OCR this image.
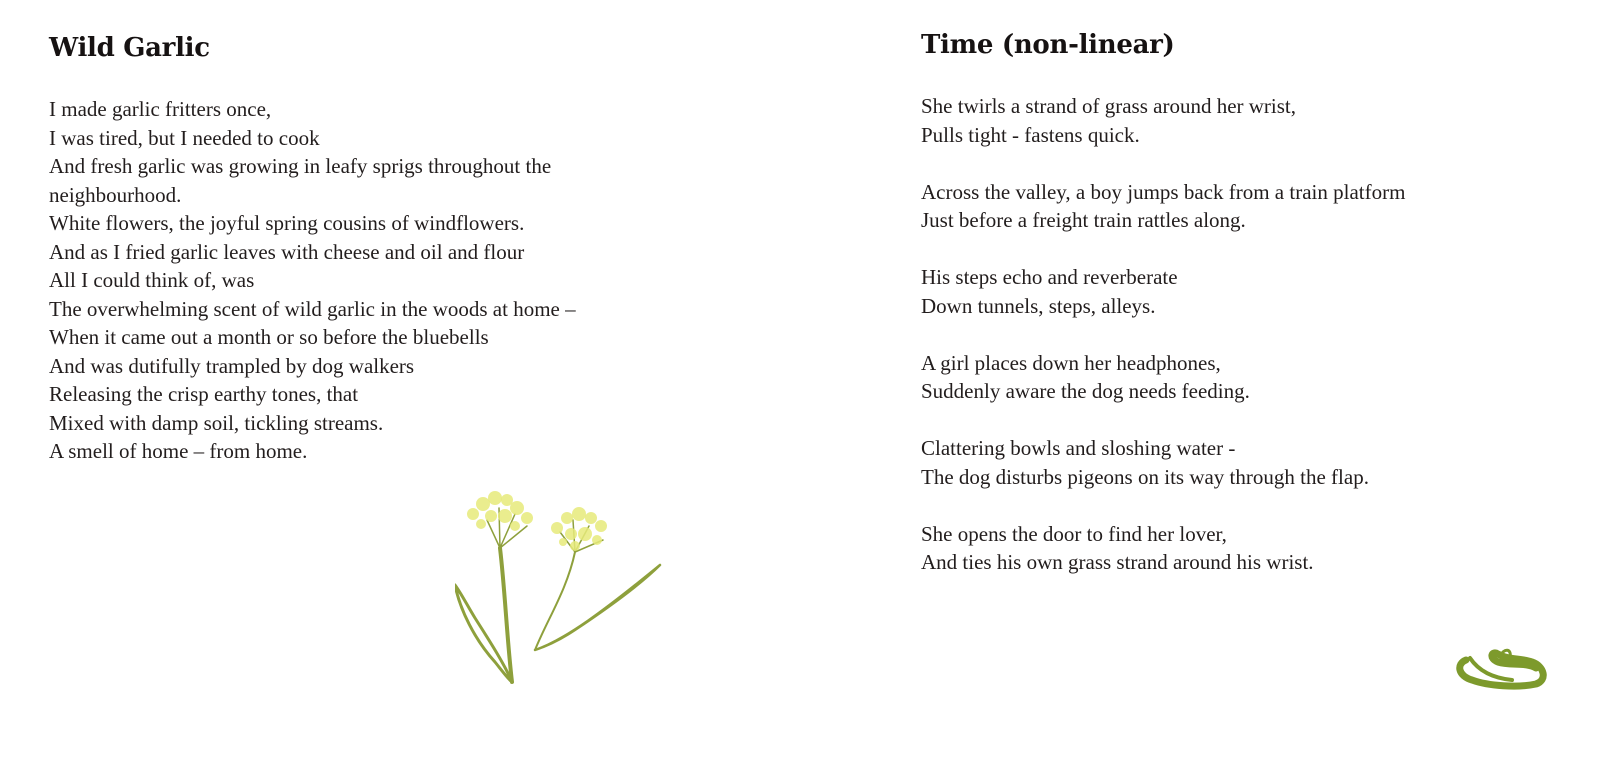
Wild Garlic
I made garlic fritters once,
I was tired, but I needed to cook
And fresh garlic was growing in leafy sprigs throughout the
neighbourhood.
White flowers, the joyful spring cousins of windflowers.
And as I fried garlic leaves with cheese and oil and flour
All I could think of, was
The overwhelming scent of wild garlic in the woods at home –
When it came out a month or so before the bluebells
And was dutifully trampled by dog walkers
Releasing the crisp earthy tones, that
Mixed with damp soil, tickling streams.
A smell of home – from home.
Time (non-linear)
She twirls a strand of grass around her wrist,
Pulls tight - fastens quick.
Across the valley, a boy jumps back from a train platform
Just before a freight train rattles along.
His steps echo and reverberate
Down tunnels, steps, alleys.
A girl places down her headphones,
Suddenly aware the dog needs feeding.
Clattering bowls and sloshing water -
The dog disturbs pigeons on its way through the flap.
She opens the door to find her lover,
And ties his own grass strand around his wrist.
